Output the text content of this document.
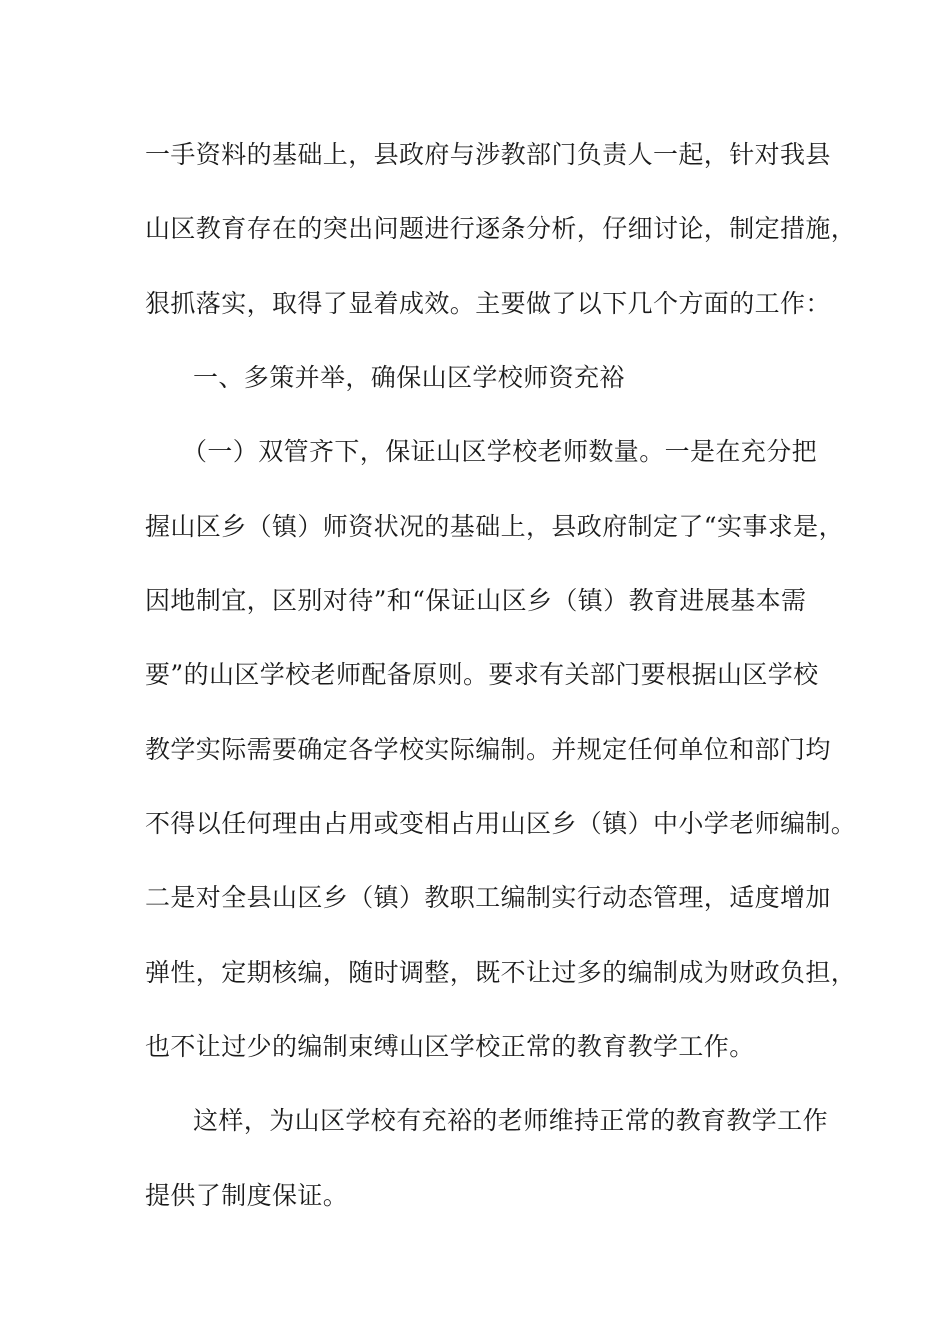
一手资料的基础上，县政府与涉教部门负责人一起，针对我县
山区教育存在的突出问题进行逐条分析，仔细讨论，制定措施，
狠抓落实，取得了显着成效。主要做了以下几个方面的工作：
一、多策并举，确保山区学校师资充裕
（一）双管齐下，保证山区学校老师数量。一是在充分把
握山区乡（镇）师资状况的基础上，县政府制定了“实事求是，
因地制宜，区别对待”和“保证山区乡（镇）教育进展基本需
要”的山区学校老师配备原则。要求有关部门要根据山区学校
教学实际需要确定各学校实际编制。并规定任何单位和部门均
不得以任何理由占用或变相占用山区乡（镇）中小学老师编制。
二是对全县山区乡（镇）教职工编制实行动态管理，适度增加
弹性，定期核编，随时调整，既不让过多的编制成为财政负担，
也不让过少的编制束缚山区学校正常的教育教学工作。
这样，为山区学校有充裕的老师维持正常的教育教学工作
提供了制度保证。
